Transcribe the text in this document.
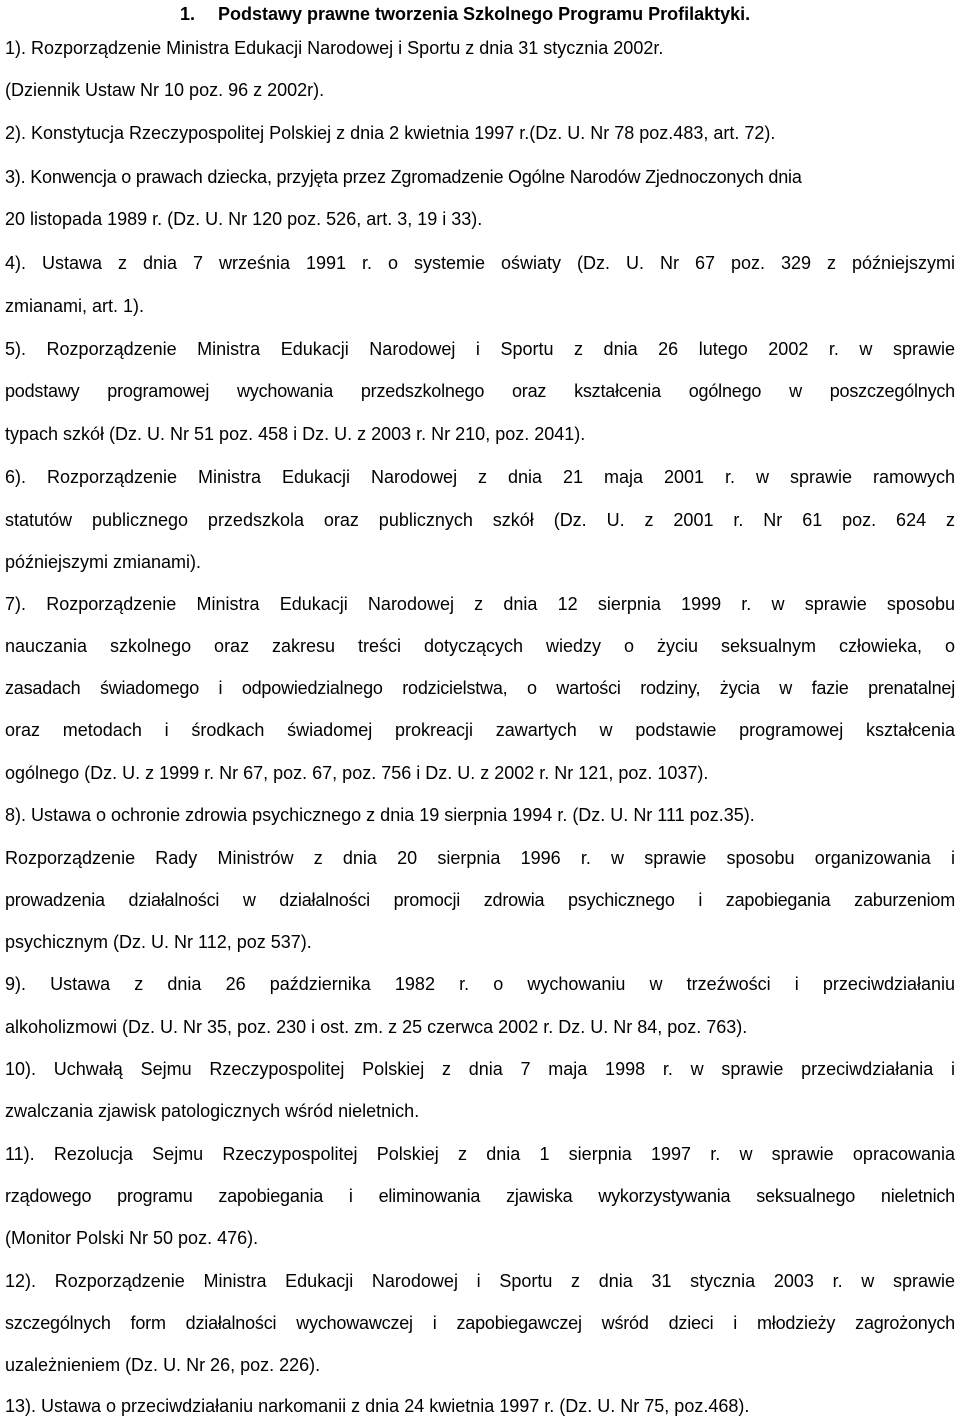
1. Podstawy prawne tworzenia Szkolnego Programu Profilaktyki.
1). Rozporządzenie Ministra Edukacji Narodowej i Sportu z dnia 31 stycznia 2002r.
(Dziennik Ustaw Nr 10 poz. 96 z 2002r).
2). Konstytucja Rzeczypospolitej Polskiej z dnia 2 kwietnia 1997 r.(Dz. U. Nr 78 poz.483, art. 72).
3). Konwencja o prawach dziecka, przyjęta przez Zgromadzenie Ogólne Narodów Zjednoczonych dnia
20 listopada 1989 r. (Dz. U. Nr 120 poz. 526, art. 3, 19 i 33).
4). Ustawa z dnia 7 września 1991 r. o systemie oświaty (Dz. U. Nr 67 poz. 329 z późniejszymi
zmianami, art. 1).
5). Rozporządzenie Ministra Edukacji Narodowej i Sportu z dnia 26 lutego 2002 r. w sprawie
podstawy programowej wychowania przedszkolnego oraz kształcenia ogólnego w poszczególnych
typach szkół (Dz. U. Nr 51 poz. 458 i Dz. U. z 2003 r. Nr 210, poz. 2041).
6). Rozporządzenie Ministra Edukacji Narodowej z dnia 21 maja 2001 r. w sprawie ramowych
statutów publicznego przedszkola oraz publicznych szkół (Dz. U. z 2001 r. Nr 61 poz. 624 z
późniejszymi zmianami).
7). Rozporządzenie Ministra Edukacji Narodowej z dnia 12 sierpnia 1999 r. w sprawie sposobu
nauczania szkolnego oraz zakresu treści dotyczących wiedzy o życiu seksualnym człowieka, o
zasadach świadomego i odpowiedzialnego rodzicielstwa, o wartości rodziny, życia w fazie prenatalnej
oraz metodach i środkach świadomej prokreacji zawartych w podstawie programowej kształcenia
ogólnego (Dz. U. z 1999 r. Nr 67, poz. 67, poz. 756 i Dz. U. z 2002 r. Nr 121, poz. 1037).
8). Ustawa o ochronie zdrowia psychicznego z dnia 19 sierpnia 1994 r. (Dz. U. Nr 111 poz.35).
Rozporządzenie Rady Ministrów z dnia 20 sierpnia 1996 r. w sprawie sposobu organizowania i
prowadzenia działalności w działalności promocji zdrowia psychicznego i zapobiegania zaburzeniom
psychicznym (Dz. U. Nr 112, poz 537).
9). Ustawa z dnia 26 października 1982 r. o wychowaniu w trzeźwości i przeciwdziałaniu
alkoholizmowi (Dz. U. Nr 35, poz. 230 i ost. zm. z 25 czerwca 2002 r. Dz. U. Nr 84, poz. 763).
10). Uchwałą Sejmu Rzeczypospolitej Polskiej z dnia 7 maja 1998 r. w sprawie przeciwdziałania i
zwalczania zjawisk patologicznych wśród nieletnich.
11). Rezolucja Sejmu Rzeczypospolitej Polskiej z dnia 1 sierpnia 1997 r. w sprawie opracowania
rządowego programu zapobiegania i eliminowania zjawiska wykorzystywania seksualnego nieletnich
(Monitor Polski Nr 50 poz. 476).
12). Rozporządzenie Ministra Edukacji Narodowej i Sportu z dnia 31 stycznia 2003 r. w sprawie
szczególnych form działalności wychowawczej i zapobiegawczej wśród dzieci i młodzieży zagrożonych
uzależnieniem (Dz. U. Nr 26, poz. 226).
13). Ustawa o przeciwdziałaniu narkomanii z dnia 24 kwietnia 1997 r. (Dz. U. Nr 75, poz.468).
